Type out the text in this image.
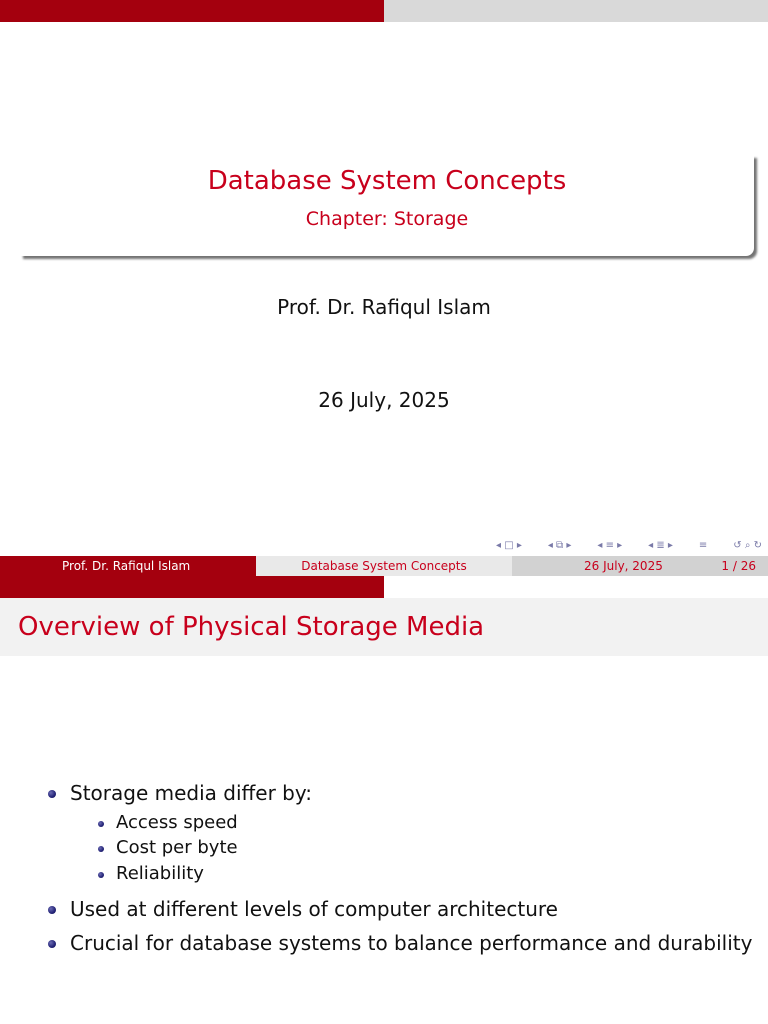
Database System Concepts
Chapter: Storage
Prof. Dr. Rafiqul Islam
26 July, 2025
◂ □ ▸	◂ ⧉ ▸	◂ ≡ ▸	◂ ≣ ▸	≡	↺ ⌕ ↻
Prof. Dr. Rafiqul Islam	Database System Concepts	26 July, 2025	1 / 26
Overview of Physical Storage Media
Storage media differ by:
Access speed
Cost per byte
Reliability
Used at different levels of computer architecture
Crucial for database systems to balance performance and durability
